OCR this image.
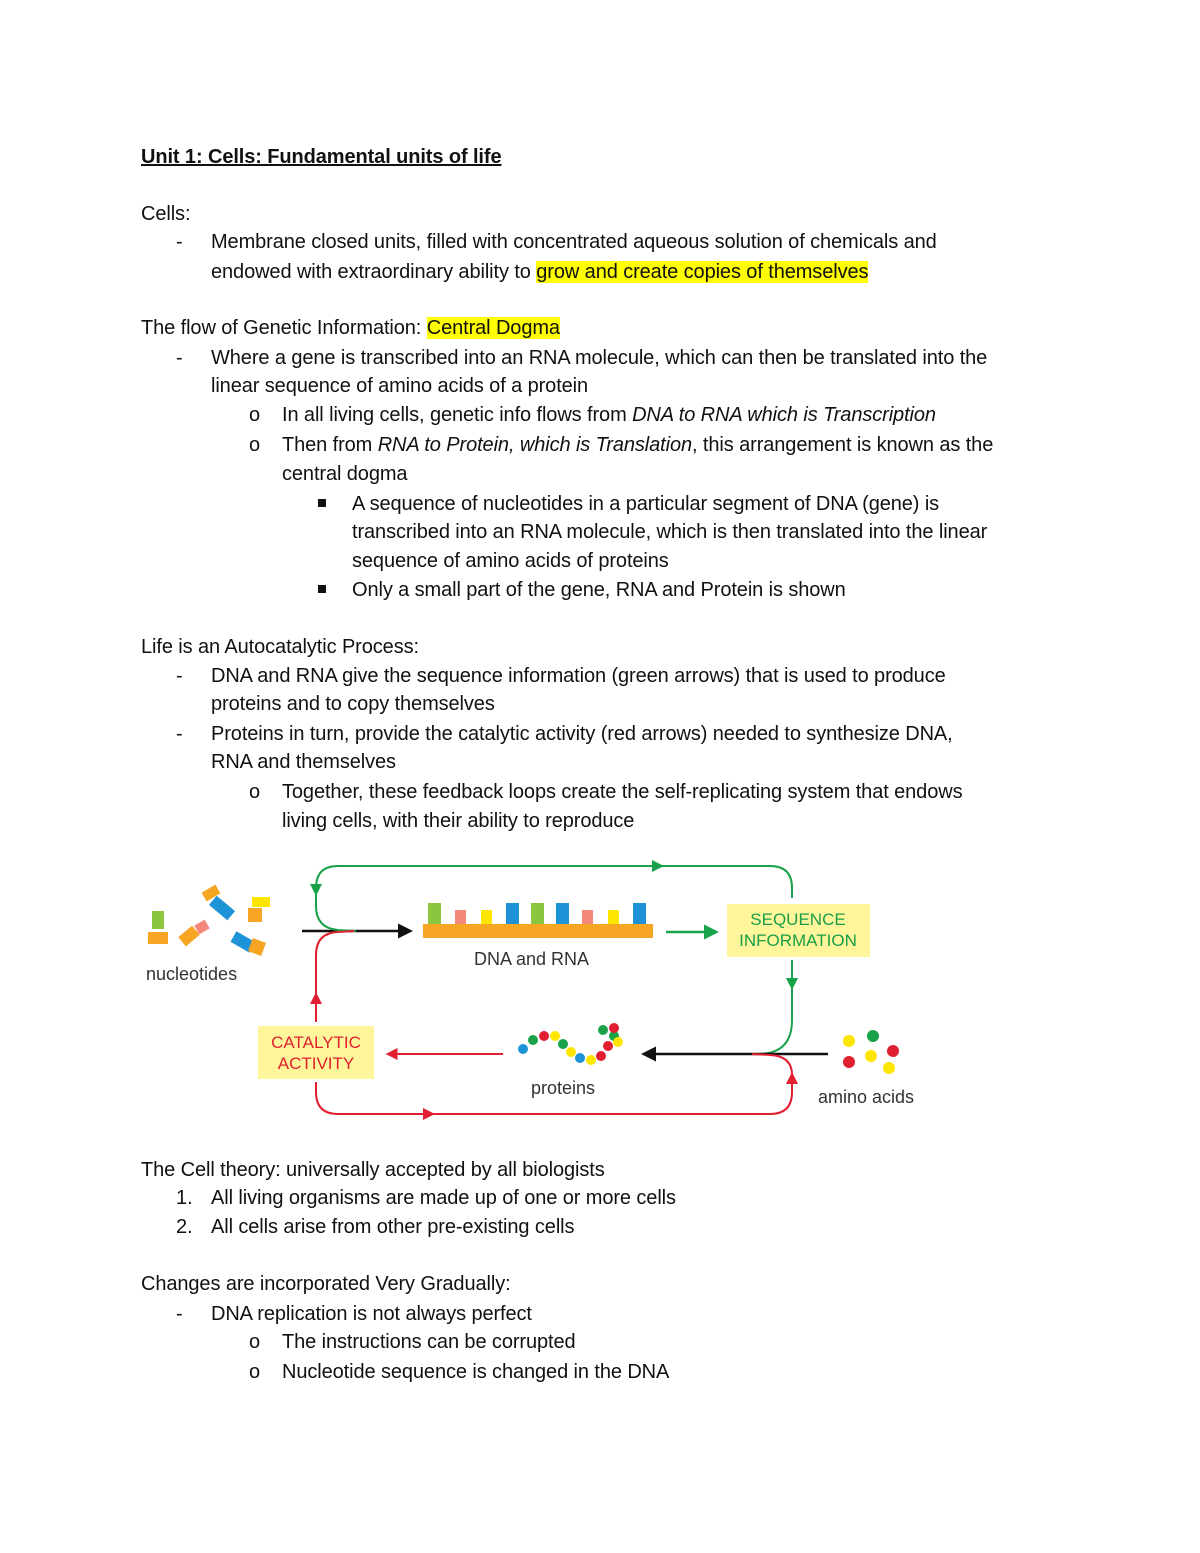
Unit 1: Cells: Fundamental units of life
Cells:
- Membrane closed units, filled with concentrated aqueous solution of chemicals and
endowed with extraordinary ability to grow and create copies of themselves
The flow of Genetic Information: Central Dogma
- Where a gene is transcribed into an RNA molecule, which can then be translated into the
linear sequence of amino acids of a protein
o In all living cells, genetic info flows from DNA to RNA which is Transcription
o Then from RNA to Protein, which is Translation, this arrangement is known as the
central dogma
A sequence of nucleotides in a particular segment of DNA (gene) is
transcribed into an RNA molecule, which is then translated into the linear
sequence of amino acids of proteins
Only a small part of the gene, RNA and Protein is shown
Life is an Autocatalytic Process:
- DNA and RNA give the sequence information (green arrows) that is used to produce
proteins and to copy themselves
- Proteins in turn, provide the catalytic activity (red arrows) needed to synthesize DNA,
RNA and themselves
o Together, these feedback loops create the self-replicating system that endows
living cells, with their ability to reproduce
nucleotides
DNA and RNA
SEQUENCE
INFORMATION
amino acids
proteins
CATALYTIC
ACTIVITY
The Cell theory: universally accepted by all biologists
1. All living organisms are made up of one or more cells
2. All cells arise from other pre-existing cells
Changes are incorporated Very Gradually:
- DNA replication is not always perfect
o The instructions can be corrupted
o Nucleotide sequence is changed in the DNA
